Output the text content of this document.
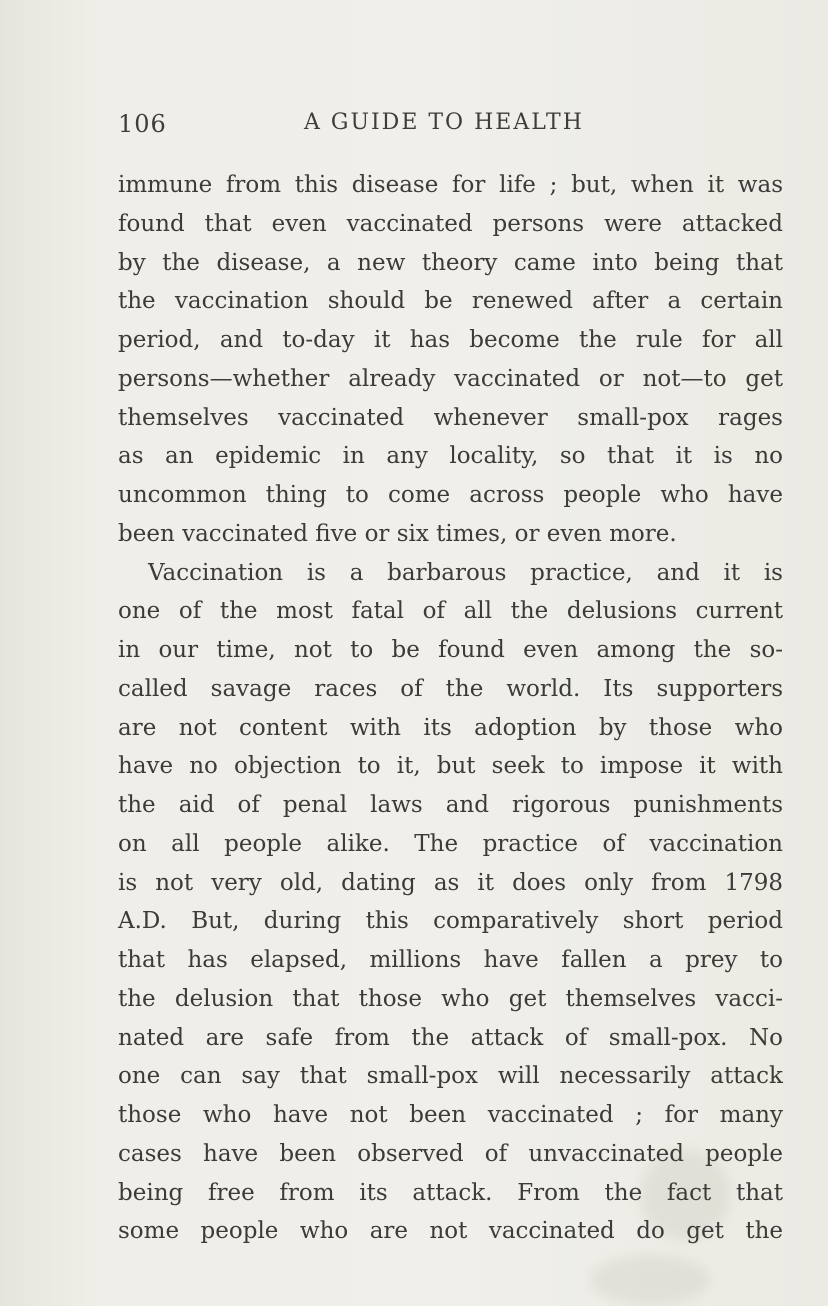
106	A GUIDE TO HEALTH
immune from this disease for life ; but, when it was
found that even vaccinated persons were attacked
by the disease, a new theory came into being that
the vaccination should be renewed after a certain
period, and to-day it has become the rule for all
persons—whether already vaccinated or not—to get
themselves vaccinated whenever small-pox rages
as an epidemic in any locality, so that it is no
uncommon thing to come across people who have
been vaccinated five or six times, or even more.
Vaccination is a barbarous practice, and it is
one of the most fatal of all the delusions current
in our time, not to be found even among the so-
called savage races of the world. Its supporters
are not content with its adoption by those who
have no objection to it, but seek to impose it with
the aid of penal laws and rigorous punishments
on all people alike. The practice of vaccination
is not very old, dating as it does only from 1798
A.D. But, during this comparatively short period
that has elapsed, millions have fallen a prey to
the delusion that those who get themselves vacci-
nated are safe from the attack of small-pox. No
one can say that small-pox will necessarily attack
those who have not been vaccinated ; for many
cases have been observed of unvaccinated people
being free from its attack. From the fact that
some people who are not vaccinated do get the
